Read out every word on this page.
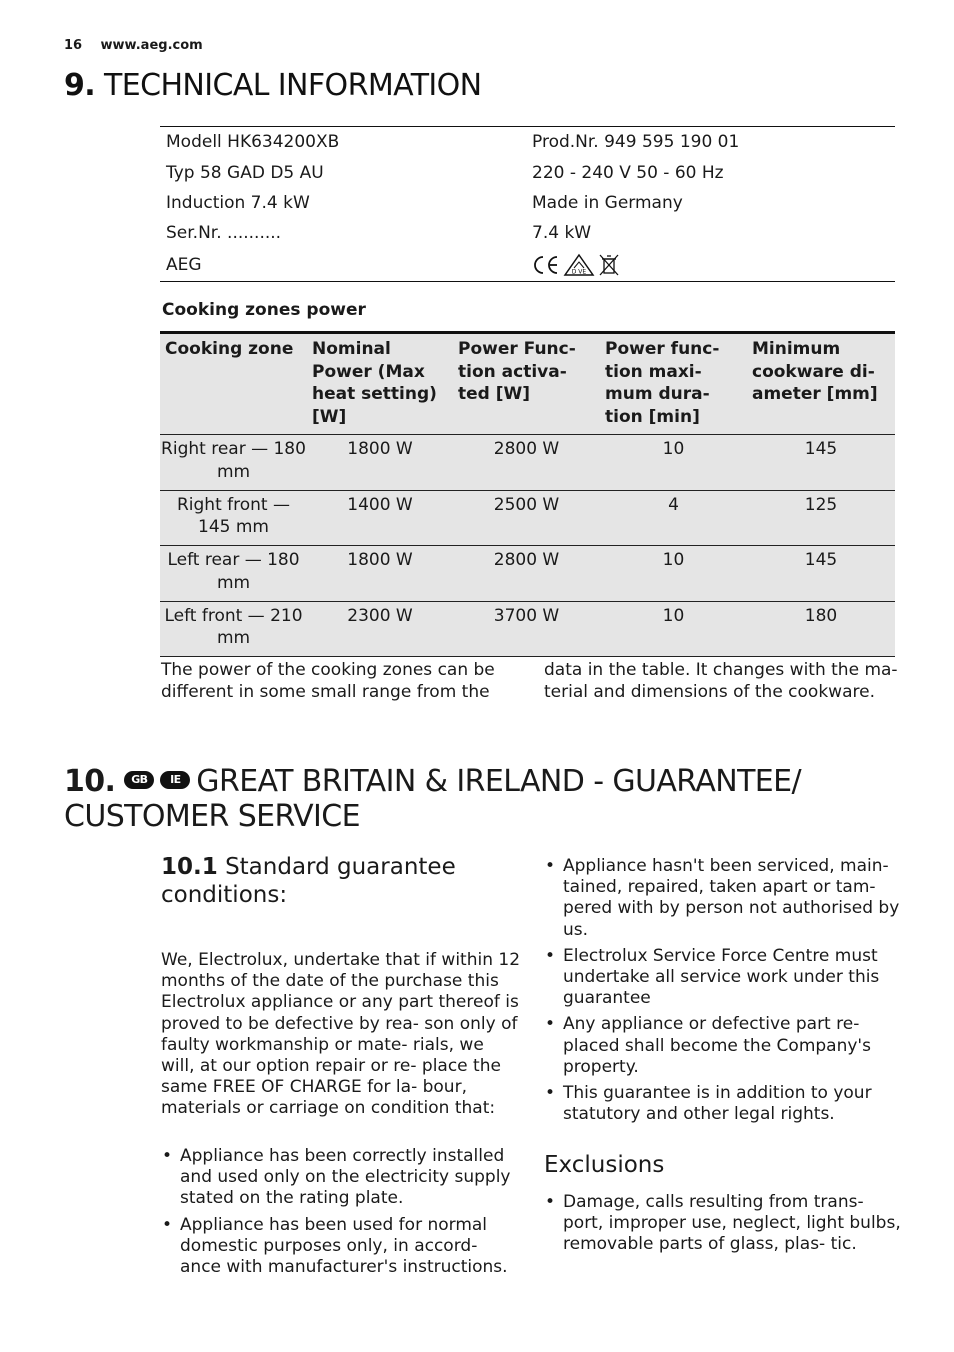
16 www.aeg.com
9. TECHNICAL INFORMATION
Modell HK634200XB	Prod.Nr. 949 595 190 01
Typ 58 GAD D5 AU	220 - 240 V 50 - 60 Hz
Induction 7.4 kW	Made in Germany
Ser.Nr. ..........	7.4 kW
AEG	D VE
Cooking zones power
Cooking zone	Nominal Power (Max heat setting) [W]	Power Func- tion activa- ted [W]	Power func- tion maxi- mum dura- tion [min]	Minimum cookware di- ameter [mm]
Right rear — 180 mm	1800 W	2800 W	10	145
Right front — 145 mm	1400 W	2500 W	4	125
Left rear — 180 mm	1800 W	2800 W	10	145
Left front — 210 mm	2300 W	3700 W	10	180

The power of the cooking zones can be different in some small range from the

data in the table. It changes with the ma- terial and dimensions of the cookware.

10. GB IE GREAT BRITAIN & IRELAND - GUARANTEE/ CUSTOMER SERVICE
10.1 Standard guarantee conditions:

We, Electrolux, undertake that if within 12 months of the date of the purchase this Electrolux appliance or any part thereof is proved to be defective by rea- son only of faulty workmanship or mate- rials, we will, at our option repair or re- place the same FREE OF CHARGE for la- bour, materials or carriage on condition that:

• Appliance has been correctly installed and used only on the electricity supply stated on the rating plate.
• Appliance has been used for normal domestic purposes only, in accord- ance with manufacturer's instructions.
• Appliance hasn't been serviced, main- tained, repaired, taken apart or tam- pered with by person not authorised by us.
• Electrolux Service Force Centre must undertake all service work under this guarantee
• Any appliance or defective part re- placed shall become the Company's property.
• This guarantee is in addition to your statutory and other legal rights.
Exclusions
• Damage, calls resulting from trans- port, improper use, neglect, light bulbs, removable parts of glass, plas- tic.
